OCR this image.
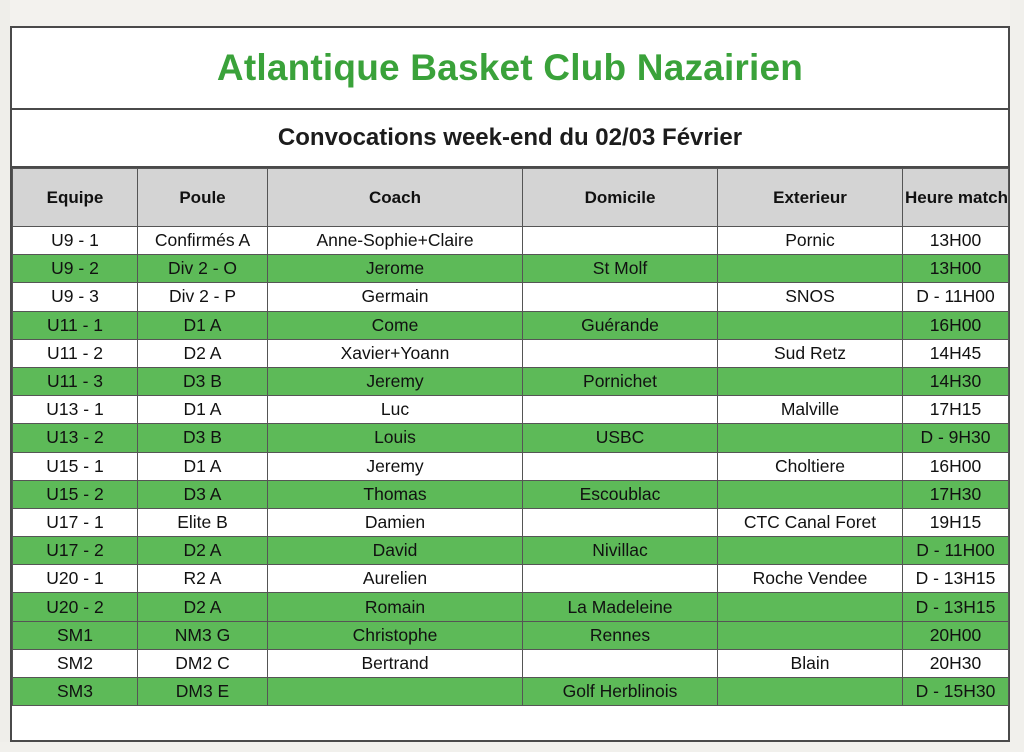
Atlantique Basket Club Nazairien
Convocations week-end du 02/03 Février
Equipe	Poule	Coach	Domicile	Exterieur	Heure match
U9 - 1	Confirmés A	Anne-Sophie+Claire		Pornic	13H00
U9 - 2	Div 2 - O	Jerome	St Molf		13H00
U9 - 3	Div 2 - P	Germain		SNOS	D - 11H00
U11 - 1	D1 A	Come	Guérande		16H00
U11 - 2	D2 A	Xavier+Yoann		Sud Retz	14H45
U11 - 3	D3 B	Jeremy	Pornichet		14H30
U13 - 1	D1 A	Luc		Malville	17H15
U13 - 2	D3 B	Louis	USBC		D - 9H30
U15 - 1	D1 A	Jeremy		Choltiere	16H00
U15 - 2	D3 A	Thomas	Escoublac		17H30
U17 - 1	Elite B	Damien		CTC Canal Foret	19H15
U17 - 2	D2 A	David	Nivillac		D - 11H00
U20 - 1	R2 A	Aurelien		Roche Vendee	D - 13H15
U20 - 2	D2 A	Romain	La Madeleine		D - 13H15
SM1	NM3 G	Christophe	Rennes		20H00
SM2	DM2 C	Bertrand		Blain	20H30
SM3	DM3 E		Golf Herblinois		D - 15H30
